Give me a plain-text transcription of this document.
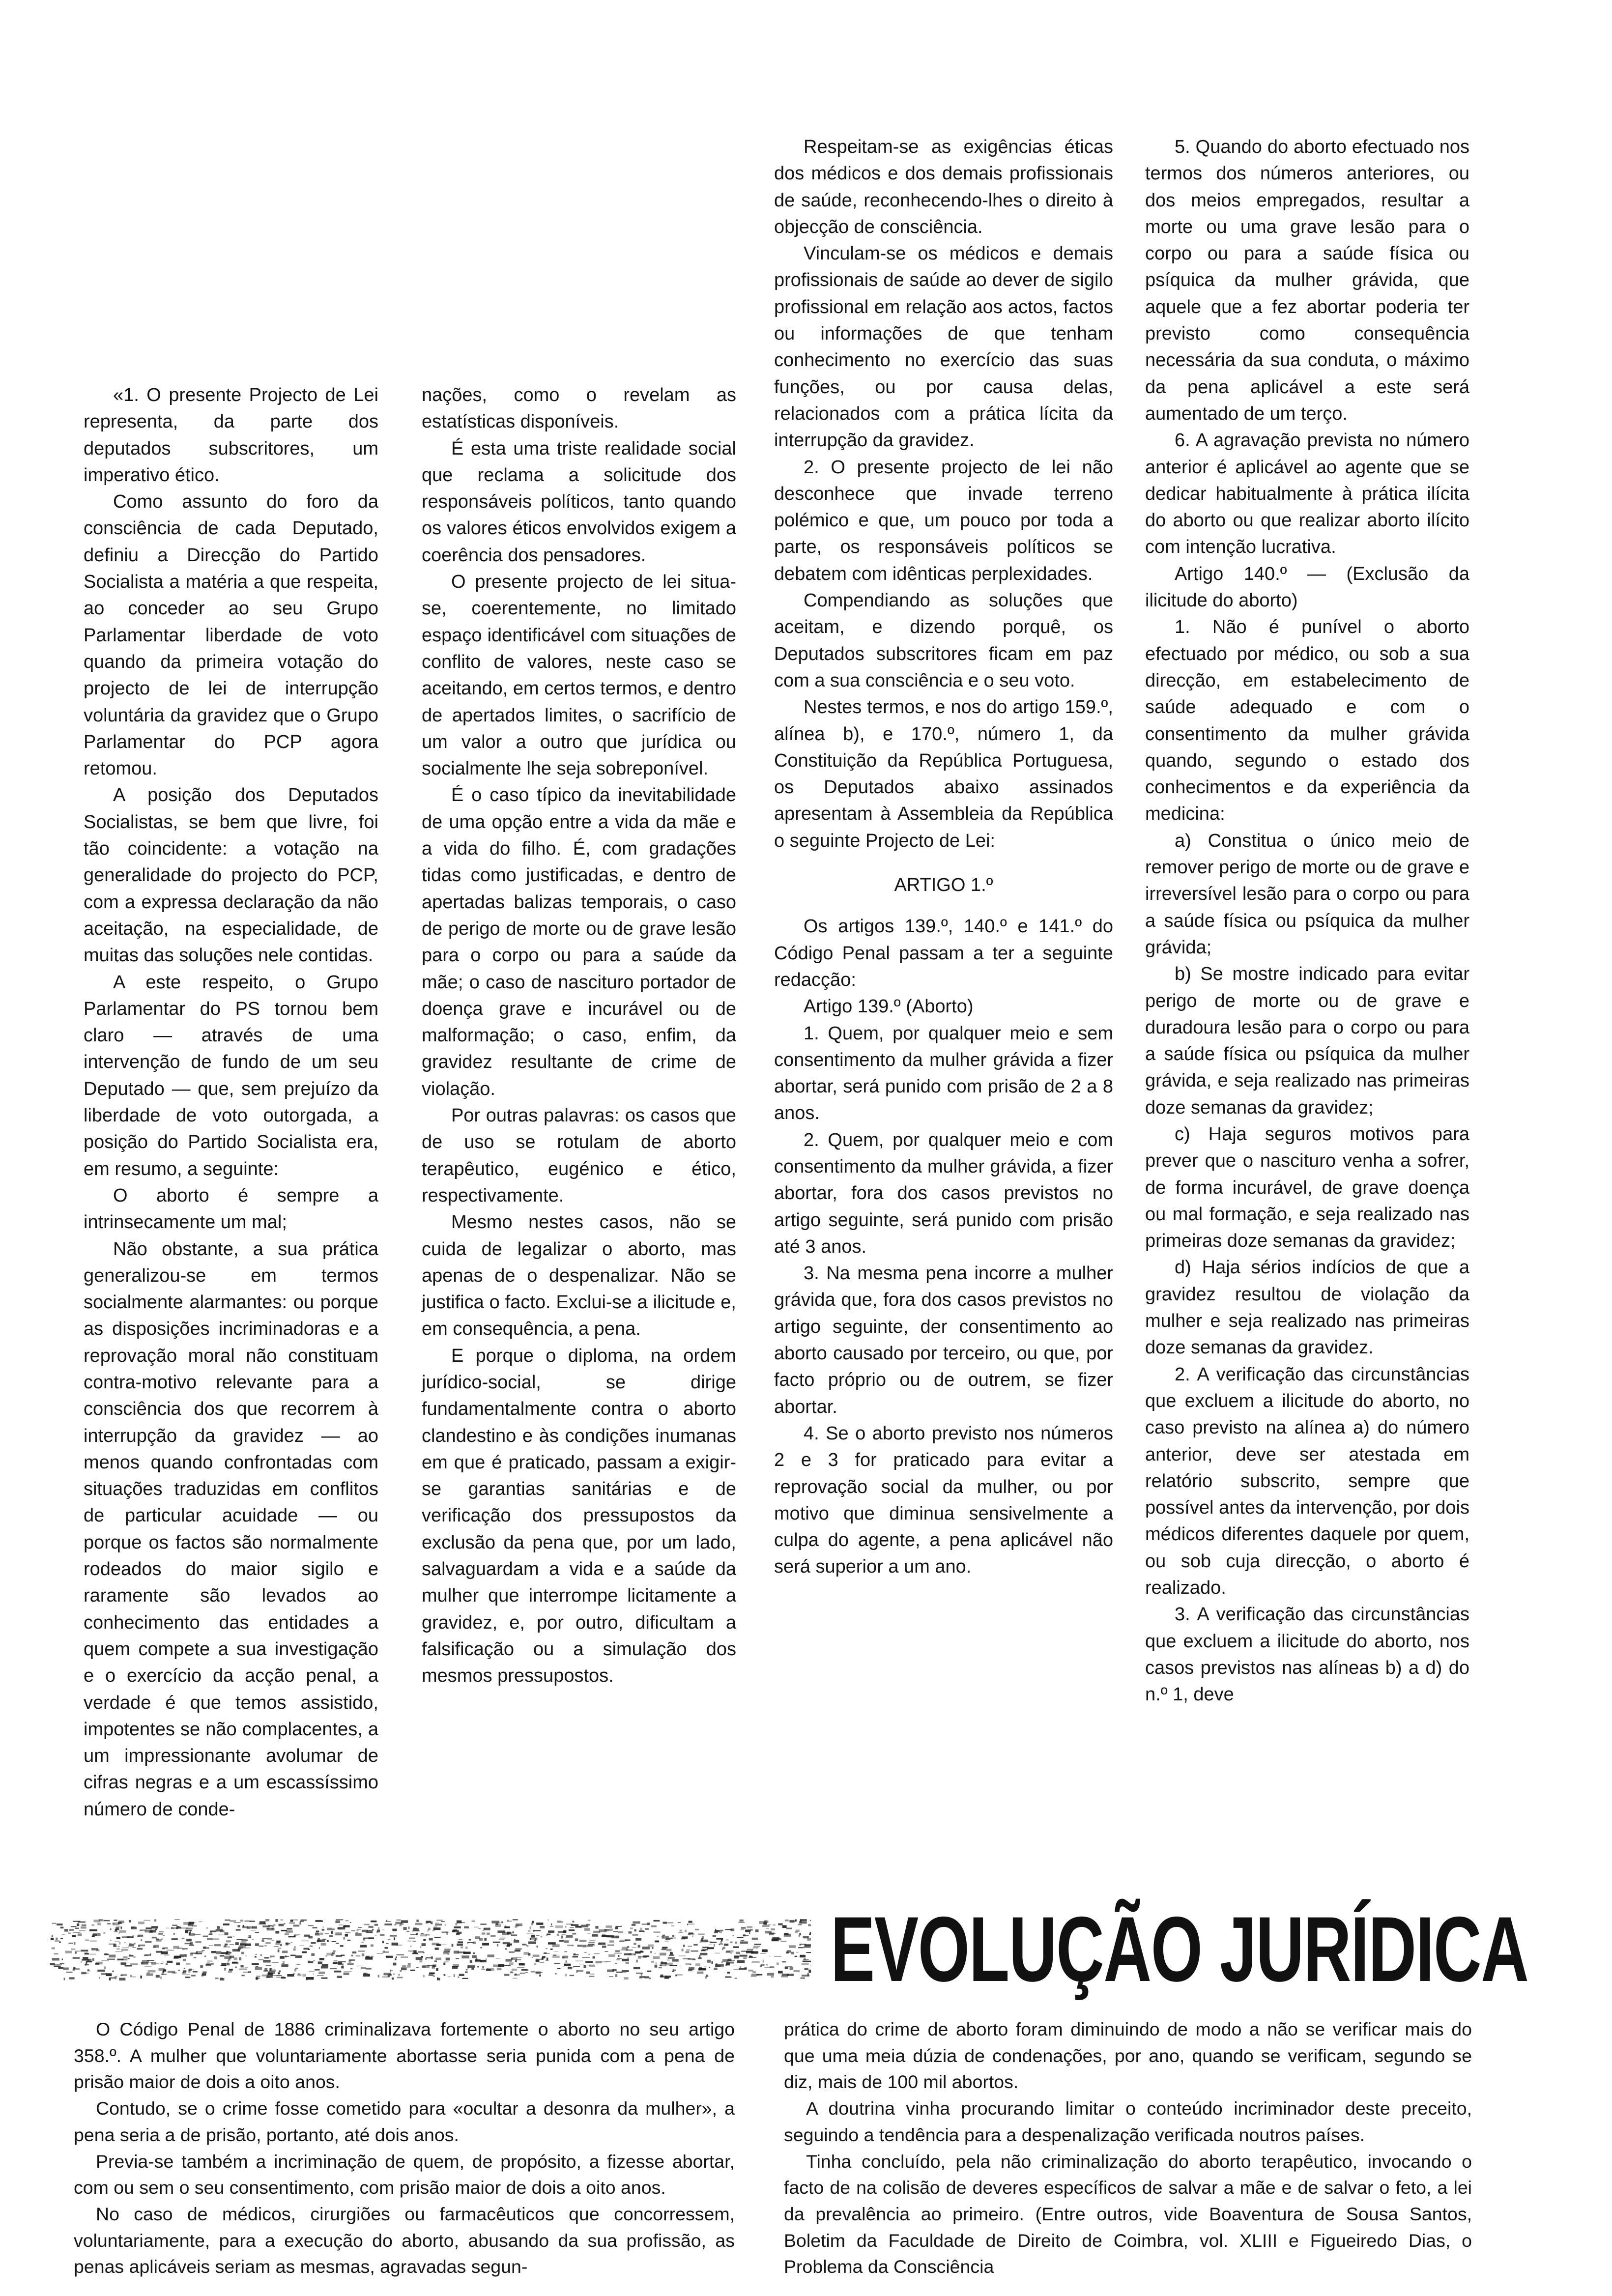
«1. O presente Projecto de Lei representa, da parte dos deputados subscritores, um imperativo ético.

Como assunto do foro da consciência de cada Deputado, definiu a Direcção do Partido Socialista a matéria a que respeita, ao conceder ao seu Grupo Parlamentar liberdade de voto quando da primeira votação do projecto de lei de interrupção voluntária da gravidez que o Grupo Parlamentar do PCP agora retomou.

A posição dos Deputados Socialistas, se bem que livre, foi tão coincidente: a votação na generalidade do projecto do PCP, com a expressa declaração da não aceitação, na especialidade, de muitas das soluções nele contidas.

A este respeito, o Grupo Parlamentar do PS tornou bem claro — através de uma intervenção de fundo de um seu Deputado — que, sem prejuízo da liberdade de voto outorgada, a posição do Partido Socialista era, em resumo, a seguinte:

O aborto é sempre a intrinsecamente um mal;

Não obstante, a sua prática generalizou-se em termos socialmente alarmantes: ou porque as disposições incriminadoras e a reprovação moral não constituam contra-motivo relevante para a consciência dos que recorrem à interrupção da gravidez — ao menos quando confrontadas com situações traduzidas em conflitos de particular acuidade — ou porque os factos são normalmente rodeados do maior sigilo e raramente são levados ao conhecimento das entidades a quem compete a sua investigação e o exercício da acção penal, a verdade é que temos assistido, impotentes se não complacentes, a um impressionante avolumar de cifras negras e a um escassíssimo número de conde-

nações, como o revelam as estatísticas disponíveis.

É esta uma triste realidade social que reclama a solicitude dos responsáveis políticos, tanto quando os valores éticos envolvidos exigem a coerência dos pensadores.

O presente projecto de lei situa-se, coerentemente, no limitado espaço identificável com situações de conflito de valores, neste caso se aceitando, em certos termos, e dentro de apertados limites, o sacrifício de um valor a outro que jurídica ou socialmente lhe seja sobreponível.

É o caso típico da inevitabilidade de uma opção entre a vida da mãe e a vida do filho. É, com gradações tidas como justificadas, e dentro de apertadas balizas temporais, o caso de perigo de morte ou de grave lesão para o corpo ou para a saúde da mãe; o caso de nascituro portador de doença grave e incurável ou de malformação; o caso, enfim, da gravidez resultante de crime de violação.

Por outras palavras: os casos que de uso se rotulam de aborto terapêutico, eugénico e ético, respectivamente.

Mesmo nestes casos, não se cuida de legalizar o aborto, mas apenas de o despenalizar. Não se justifica o facto. Exclui-se a ilicitude e, em consequência, a pena.

E porque o diploma, na ordem jurídico-social, se dirige fundamentalmente contra o aborto clandestino e às condições inumanas em que é praticado, passam a exigir-se garantias sanitárias e de verificação dos pressupostos da exclusão da pena que, por um lado, salvaguardam a vida e a saúde da mulher que interrompe licitamente a gravidez, e, por outro, dificultam a falsificação ou a simulação dos mesmos pressupostos.

Respeitam-se as exigências éticas dos médicos e dos demais profissionais de saúde, reconhecendo-lhes o direito à objecção de consciência.

Vinculam-se os médicos e demais profissionais de saúde ao dever de sigilo profissional em relação aos actos, factos ou informações de que tenham conhecimento no exercício das suas funções, ou por causa delas, relacionados com a prática lícita da interrupção da gravidez.

2. O presente projecto de lei não desconhece que invade terreno polémico e que, um pouco por toda a parte, os responsáveis políticos se debatem com idênticas perplexidades.

Compendiando as soluções que aceitam, e dizendo porquê, os Deputados subscritores ficam em paz com a sua consciência e o seu voto.

Nestes termos, e nos do artigo 159.º, alínea b), e 170.º, número 1, da Constituição da República Portuguesa, os Deputados abaixo assinados apresentam à Assembleia da República o seguinte Projecto de Lei:

ARTIGO 1.º

Os artigos 139.º, 140.º e 141.º do Código Penal passam a ter a seguinte redacção:

Artigo 139.º (Aborto)

1. Quem, por qualquer meio e sem consentimento da mulher grávida a fizer abortar, será punido com prisão de 2 a 8 anos.

2. Quem, por qualquer meio e com consentimento da mulher grávida, a fizer abortar, fora dos casos previstos no artigo seguinte, será punido com prisão até 3 anos.

3. Na mesma pena incorre a mulher grávida que, fora dos casos previstos no artigo seguinte, der consentimento ao aborto causado por terceiro, ou que, por facto próprio ou de outrem, se fizer abortar.

4. Se o aborto previsto nos números 2 e 3 for praticado para evitar a reprovação social da mulher, ou por motivo que diminua sensivelmente a culpa do agente, a pena aplicável não será superior a um ano.

5. Quando do aborto efectuado nos termos dos números anteriores, ou dos meios empregados, resultar a morte ou uma grave lesão para o corpo ou para a saúde física ou psíquica da mulher grávida, que aquele que a fez abortar poderia ter previsto como consequência necessária da sua conduta, o máximo da pena aplicável a este será aumentado de um terço.

6. A agravação prevista no número anterior é aplicável ao agente que se dedicar habitualmente à prática ilícita do aborto ou que realizar aborto ilícito com intenção lucrativa.

Artigo 140.º — (Exclusão da ilicitude do aborto)

1. Não é punível o aborto efectuado por médico, ou sob a sua direcção, em estabelecimento de saúde adequado e com o consentimento da mulher grávida quando, segundo o estado dos conhecimentos e da experiência da medicina:

a) Constitua o único meio de remover perigo de morte ou de grave e irreversível lesão para o corpo ou para a saúde física ou psíquica da mulher grávida;

b) Se mostre indicado para evitar perigo de morte ou de grave e duradoura lesão para o corpo ou para a saúde física ou psíquica da mulher grávida, e seja realizado nas primeiras doze semanas da gravidez;

c) Haja seguros motivos para prever que o nascituro venha a sofrer, de forma incurável, de grave doença ou mal formação, e seja realizado nas primeiras doze semanas da gravidez;

d) Haja sérios indícios de que a gravidez resultou de violação da mulher e seja realizado nas primeiras doze semanas da gravidez.

2. A verificação das circunstâncias que excluem a ilicitude do aborto, no caso previsto na alínea a) do número anterior, deve ser atestada em relatório subscrito, sempre que possível antes da intervenção, por dois médicos diferentes daquele por quem, ou sob cuja direcção, o aborto é realizado.

3. A verificação das circunstâncias que excluem a ilicitude do aborto, nos casos previstos nas alíneas b) a d) do n.º 1, deve

EVOLUÇÃO JURÍDICA

O Código Penal de 1886 criminalizava fortemente o aborto no seu artigo 358.º. A mulher que voluntariamente abortasse seria punida com a pena de prisão maior de dois a oito anos.

Contudo, se o crime fosse cometido para «ocultar a desonra da mulher», a pena seria a de prisão, portanto, até dois anos.

Previa-se também a incriminação de quem, de propósito, a fizesse abortar, com ou sem o seu consentimento, com prisão maior de dois a oito anos.

No caso de médicos, cirurgiões ou farmacêuticos que concorressem, voluntariamente, para a execução do aborto, abusando da sua profissão, as penas aplicáveis seriam as mesmas, agravadas segun-

prática do crime de aborto foram diminuindo de modo a não se verificar mais do que uma meia dúzia de condenações, por ano, quando se verificam, segundo se diz, mais de 100 mil abortos.

A doutrina vinha procurando limitar o conteúdo incriminador deste preceito, seguindo a tendência para a despenalização verificada noutros países.

Tinha concluído, pela não criminalização do aborto terapêutico, invocando o facto de na colisão de deveres específicos de salvar a mãe e de salvar o feto, a lei da prevalência ao primeiro. (Entre outros, vide Boaventura de Sousa Santos, Boletim da Faculdade de Direito de Coimbra, vol. XLIII e Figueiredo Dias, o Problema da Consciência
